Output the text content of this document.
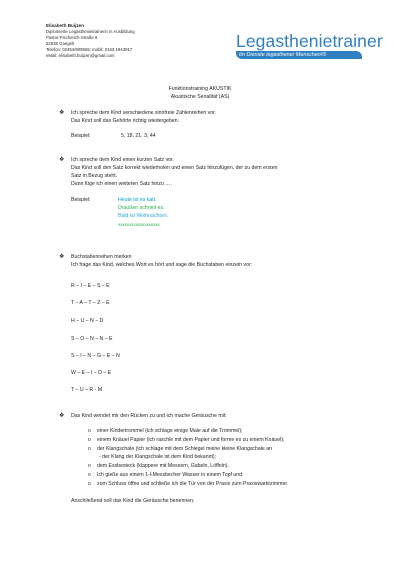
Elisabeth Buijzen
Diplomierte Legasthenietrainerin in Ausbildung
Pastor-Fischerich-Straße 9
52538 Gangelt
Telefon: 02454/909565; mobil: 0163 1843917
eMail: elisabeth.buijzen@gmail.com
Legasthenietrainer
Im Dienste legasthener Menschen!®
Funktionstraining AKUSTIK
Akustische Serialität (AS)
❖	Ich spreche dem Kind verschiedene sinnfreie Zahlenreihen vor.
Das Kind soll das Gehörte richtig wiedergeben.
Beispiel:	5, 18, 21, 3, 44
❖	Ich spreche dem Kind einen kurzen Satz vor.
Das Kind soll den Satz korrekt wiederholen und einen Satz hinzufügen, der zu dem ersten
Satz in Bezug steht.
Dann füge ich einen weiteren Satz hinzu ….
Beispiel:	Heute ist es kalt.
Draußen schneit es.
Bald ist Weihnachten.
xxxxxxxxxxxxxxxxxxx
❖	Buchstabenreihen merken
Ich frage das Kind, welches Wort es hört und sage die Buchstaben einzeln vor:
R – I – E – S – E
T – A – T – Z – E
H – U – N – D
S – O – N – N – E
S – I – N – G – E – N
W – E – I – D – E
T – U – R - M
❖	Das Kind wendet mir den Rücken zu und ich mache Geräusche mit:
o einer Kindertrommel (ich schlage einige Male auf die Trommel);
o einem Knäuel Papier (ich raschle mit dem Papier und forme es zu einem Knäuel);
o der Klangschale (ich schlage mit dem Schlegel meine kleine Klangschale an
- der Klang der Klangschale ist dem Kind bekannt);
o dem Essbesteck (klappere mit Messern, Gabeln, Löffeln).
o Ich gieße aus einem 1-l-Messbecher Wasser in einem Topf und
o zum Schluss öffne und schließe ich die Tür von der Praxis zum Praxiswartezimmer.
Anschließend soll das Kind die Geräusche benennen.
